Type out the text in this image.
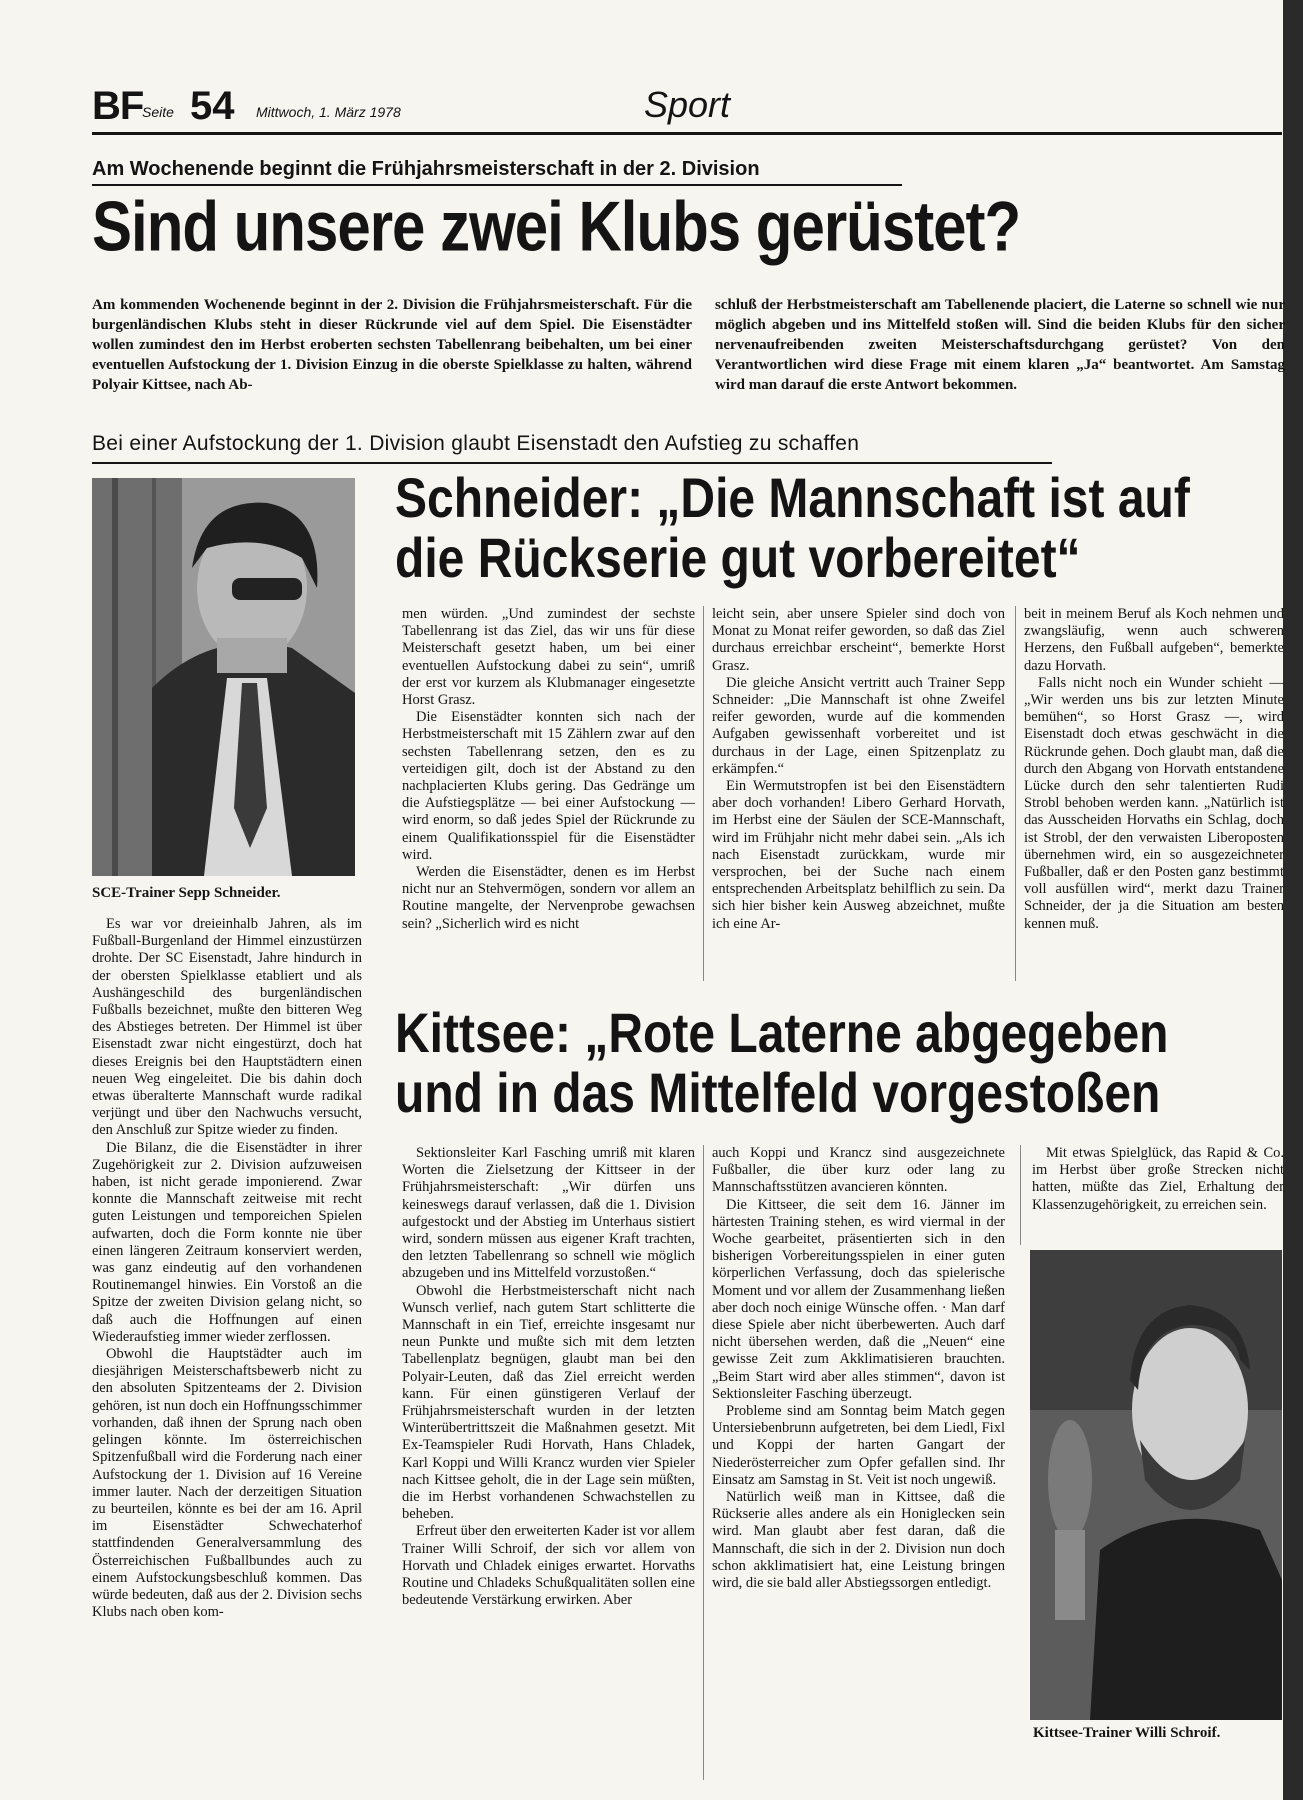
BF
Seite 54 Mittwoch, 1. März 1978	Sport
Am Wochenende beginnt die Frühjahrsmeisterschaft in der 2. Division
Sind unsere zwei Klubs gerüstet?
Am kommenden Wochenende beginnt in der 2. Division die Frühjahrsmeisterschaft. Für die burgenländischen Klubs steht in dieser Rückrunde viel auf dem Spiel. Die Eisenstädter wollen zumindest den im Herbst eroberten sechsten Tabellenrang beibehalten, um bei einer eventuellen Aufstockung der 1. Division Einzug in die oberste Spielklasse zu halten, während Polyair Kittsee, nach Ab-
schluß der Herbstmeisterschaft am Tabellenende placiert, die Laterne so schnell wie nur möglich abgeben und ins Mittelfeld stoßen will. Sind die beiden Klubs für den sicher nervenaufreibenden zweiten Meisterschaftsdurchgang gerüstet? Von den Verantwortlichen wird diese Frage mit einem klaren „Ja“ beantwortet. Am Samstag wird man darauf die erste Antwort bekommen.
Bei einer Aufstockung der 1. Division glaubt Eisenstadt den Aufstieg zu schaffen
SCE-Trainer Sepp Schneider.
Schneider: „Die Mannschaft ist auf
die Rückserie gut vorbereitet“

Es war vor dreieinhalb Jahren, als im Fußball-Burgenland der Himmel einzustürzen drohte. Der SC Eisenstadt, Jahre hindurch in der obersten Spielklasse etabliert und als Aushängeschild des burgenländischen Fußballs bezeichnet, mußte den bitteren Weg des Abstieges betreten. Der Himmel ist über Eisenstadt zwar nicht eingestürzt, doch hat dieses Ereignis bei den Hauptstädtern einen neuen Weg eingeleitet. Die bis dahin doch etwas überalterte Mannschaft wurde radikal verjüngt und über den Nachwuchs versucht, den Anschluß zur Spitze wieder zu finden.

Die Bilanz, die die Eisenstädter in ihrer Zugehörigkeit zur 2. Division aufzuweisen haben, ist nicht gerade imponierend. Zwar konnte die Mannschaft zeitweise mit recht guten Leistungen und temporeichen Spielen aufwarten, doch die Form konnte nie über einen längeren Zeitraum konserviert werden, was ganz eindeutig auf den vorhandenen Routinemangel hinwies. Ein Vorstoß an die Spitze der zweiten Division gelang nicht, so daß auch die Hoffnungen auf einen Wiederaufstieg immer wieder zerflossen.

Obwohl die Hauptstädter auch im diesjährigen Meisterschaftsbewerb nicht zu den absoluten Spitzenteams der 2. Division gehören, ist nun doch ein Hoffnungsschimmer vorhanden, daß ihnen der Sprung nach oben gelingen könnte. Im österreichischen Spitzenfußball wird die Forderung nach einer Aufstockung der 1. Division auf 16 Vereine immer lauter. Nach der derzeitigen Situation zu beurteilen, könnte es bei der am 16. April im Eisenstädter Schwechaterhof stattfindenden Generalversammlung des Österreichischen Fußballbundes auch zu einem Aufstockungsbeschluß kommen. Das würde bedeuten, daß aus der 2. Division sechs Klubs nach oben kom-

men würden. „Und zumindest der sechste Tabellenrang ist das Ziel, das wir uns für diese Meisterschaft gesetzt haben, um bei einer eventuellen Aufstockung dabei zu sein“, umriß der erst vor kurzem als Klubmanager eingesetzte Horst Grasz.

Die Eisenstädter konnten sich nach der Herbstmeisterschaft mit 15 Zählern zwar auf den sechsten Tabellenrang setzen, den es zu verteidigen gilt, doch ist der Abstand zu den nachplacierten Klubs gering. Das Gedränge um die Aufstiegsplätze — bei einer Aufstockung — wird enorm, so daß jedes Spiel der Rückrunde zu einem Qualifikationsspiel für die Eisenstädter wird.

Werden die Eisenstädter, denen es im Herbst nicht nur an Stehvermögen, sondern vor allem an Routine mangelte, der Nervenprobe gewachsen sein? „Sicherlich wird es nicht

leicht sein, aber unsere Spieler sind doch von Monat zu Monat reifer geworden, so daß das Ziel durchaus erreichbar erscheint“, bemerkte Horst Grasz.

Die gleiche Ansicht vertritt auch Trainer Sepp Schneider: „Die Mannschaft ist ohne Zweifel reifer geworden, wurde auf die kommenden Aufgaben gewissenhaft vorbereitet und ist durchaus in der Lage, einen Spitzenplatz zu erkämpfen.“

Ein Wermutstropfen ist bei den Eisenstädtern aber doch vorhanden! Libero Gerhard Horvath, im Herbst eine der Säulen der SCE-Mannschaft, wird im Frühjahr nicht mehr dabei sein. „Als ich nach Eisenstadt zurückkam, wurde mir versprochen, bei der Suche nach einem entsprechenden Arbeitsplatz behilflich zu sein. Da sich hier bisher kein Ausweg abzeichnet, mußte ich eine Ar-

beit in meinem Beruf als Koch nehmen und zwangsläufig, wenn auch schweren Herzens, den Fußball aufgeben“, bemerkte dazu Horvath.

Falls nicht noch ein Wunder schieht — „Wir werden uns bis zur letzten Minute bemühen“, so Horst Grasz —, wird Eisenstadt doch etwas geschwächt in die Rückrunde gehen. Doch glaubt man, daß die durch den Abgang von Horvath entstandene Lücke durch den sehr talentierten Rudi Strobl behoben werden kann. „Natürlich ist das Ausscheiden Horvaths ein Schlag, doch ist Strobl, der den verwaisten Liberoposten übernehmen wird, ein so ausgezeichneter Fußballer, daß er den Posten ganz bestimmt voll ausfüllen wird“, merkt dazu Trainer Schneider, der ja die Situation am besten kennen muß.

Kittsee: „Rote Laterne abgegeben
und in das Mittelfeld vorgestoßen

Sektionsleiter Karl Fasching umriß mit klaren Worten die Zielsetzung der Kittseer in der Frühjahrsmeisterschaft: „Wir dürfen uns keineswegs darauf verlassen, daß die 1. Division aufgestockt und der Abstieg im Unterhaus sistiert wird, sondern müssen aus eigener Kraft trachten, den letzten Tabellenrang so schnell wie möglich abzugeben und ins Mittelfeld vorzustoßen.“

Obwohl die Herbstmeisterschaft nicht nach Wunsch verlief, nach gutem Start schlitterte die Mannschaft in ein Tief, erreichte insgesamt nur neun Punkte und mußte sich mit dem letzten Tabellenplatz begnügen, glaubt man bei den Polyair-Leuten, daß das Ziel erreicht werden kann. Für einen günstigeren Verlauf der Frühjahrsmeisterschaft wurden in der letzten Winterübertrittszeit die Maßnahmen gesetzt. Mit Ex-Teamspieler Rudi Horvath, Hans Chladek, Karl Koppi und Willi Krancz wurden vier Spieler nach Kittsee geholt, die in der Lage sein müßten, die im Herbst vorhandenen Schwachstellen zu beheben.

Erfreut über den erweiterten Kader ist vor allem Trainer Willi Schroif, der sich vor allem von Horvath und Chladek einiges erwartet. Horvaths Routine und Chladeks Schußqualitäten sollen eine bedeutende Verstärkung erwirken. Aber

auch Koppi und Krancz sind ausgezeichnete Fußballer, die über kurz oder lang zu Mannschaftsstützen avancieren könnten.

Die Kittseer, die seit dem 16. Jänner im härtesten Training stehen, es wird viermal in der Woche gearbeitet, präsentierten sich in den bisherigen Vorbereitungsspielen in einer guten körperlichen Verfassung, doch das spielerische Moment und vor allem der Zusammenhang ließen aber doch noch einige Wünsche offen. · Man darf diese Spiele aber nicht überbewerten. Auch darf nicht übersehen werden, daß die „Neuen“ eine gewisse Zeit zum Akklimatisieren brauchten. „Beim Start wird aber alles stimmen“, davon ist Sektionsleiter Fasching überzeugt.

Probleme sind am Sonntag beim Match gegen Untersiebenbrunn aufgetreten, bei dem Liedl, Fixl und Koppi der harten Gangart der Niederösterreicher zum Opfer gefallen sind. Ihr Einsatz am Samstag in St. Veit ist noch ungewiß.

Natürlich weiß man in Kittsee, daß die Rückserie alles andere als ein Honiglecken sein wird. Man glaubt aber fest daran, daß die Mannschaft, die sich in der 2. Division nun doch schon akklimatisiert hat, eine Leistung bringen wird, die sie bald aller Abstiegssorgen entledigt.

Mit etwas Spielglück, das Rapid & Co. im Herbst über große Strecken nicht hatten, müßte das Ziel, Erhaltung der Klassenzugehörigkeit, zu erreichen sein.

Kittsee-Trainer Willi Schroif.
